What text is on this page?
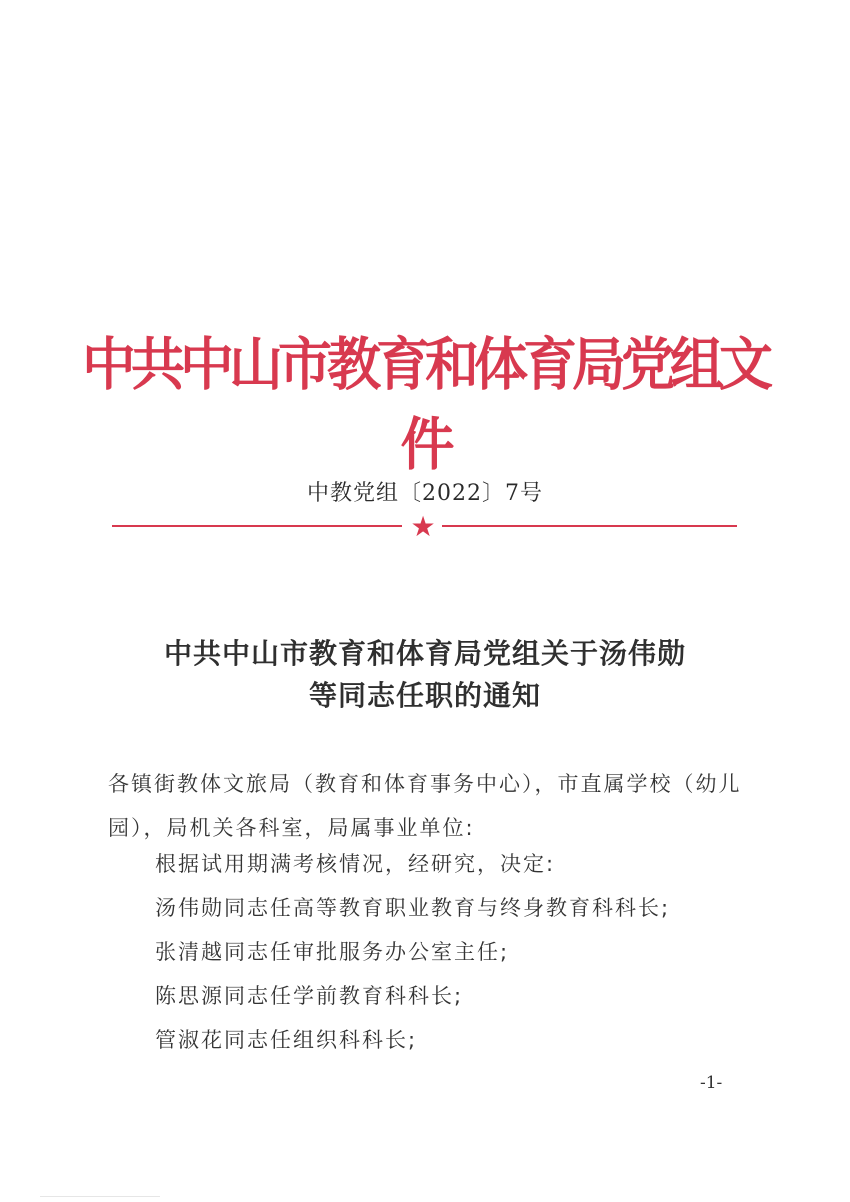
中共中山市教育和体育局党组文件
中教党组〔2022〕7号
★
中共中山市教育和体育局党组关于汤伟勋
等同志任职的通知
各镇街教体文旅局（教育和体育事务中心），市直属学校（幼儿园），局机关各科室，局属事业单位:
根据试用期满考核情况，经研究，决定:
汤伟勋同志任高等教育职业教育与终身教育科科长;
张清越同志任审批服务办公室主任;
陈思源同志任学前教育科科长;
管淑花同志任组织科科长;
-1-
